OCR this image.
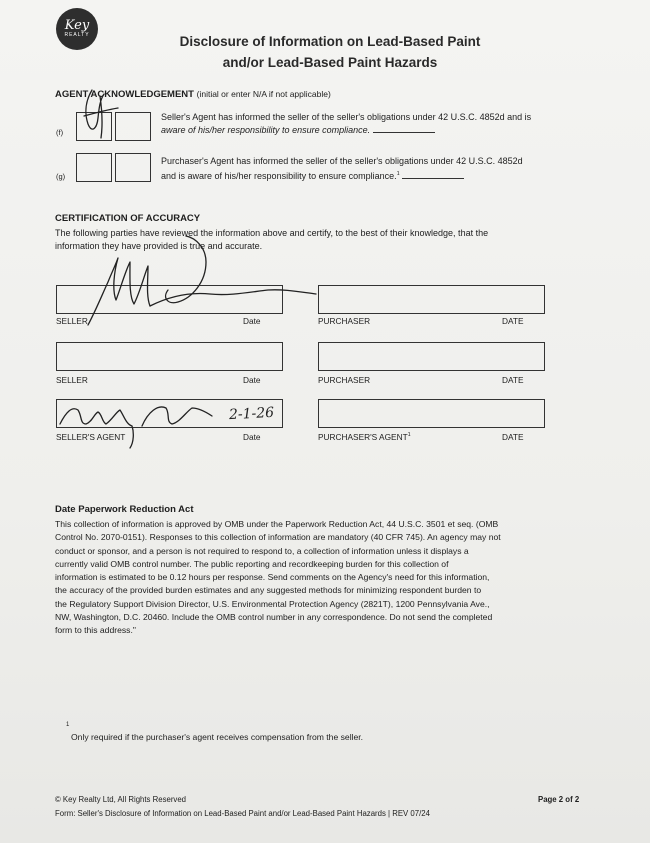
Key
REALTY	Disclosure of Information on Lead-Based Paint
and/or Lead-Based Paint Hazards
AGENT ACKNOWLEDGEMENT (initial or enter N/A if not applicable)
(f)
Seller's Agent has informed the seller of the seller's obligations under 42 U.S.C. 4852d and is
aware of his/her responsibility to ensure compliance.
(g)
Purchaser's Agent has informed the seller of the seller's obligations under 42 U.S.C. 4852d
and is aware of his/her responsibility to ensure compliance.$^1$
CERTIFICATION OF ACCURACY
The following parties have reviewed the information above and certify, to the best of their knowledge, that the
information they have provided is true and accurate.
SELLER	Date	PURCHASER	DATE
SELLER	Date	PURCHASER	DATE
SELLER'S AGENT	Date	PURCHASER'S AGENT$^1$	DATE
2-1-26
Date Paperwork Reduction Act
This collection of information is approved by OMB under the Paperwork Reduction Act, 44 U.S.C. 3501 et seq. (OMB
Control No. 2070-0151). Responses to this collection of information are mandatory (40 CFR 745). An agency may not
conduct or sponsor, and a person is not required to respond to, a collection of information unless it displays a
currently valid OMB control number. The public reporting and recordkeeping burden for this collection of
information is estimated to be 0.12 hours per response. Send comments on the Agency's need for this information,
the accuracy of the provided burden estimates and any suggested methods for minimizing respondent burden to
the Regulatory Support Division Director, U.S. Environmental Protection Agency (2821T), 1200 Pennsylvania Ave.,
NW, Washington, D.C. 20460. Include the OMB control number in any correspondence. Do not send the completed
form to this address."
1
Only required if the purchaser's agent receives compensation from the seller.
© Key Realty Ltd, All Rights Reserved
Form: Seller's Disclosure of Information on Lead-Based Paint and/or Lead-Based Paint Hazards | REV 07/24
Page 2 of 2
